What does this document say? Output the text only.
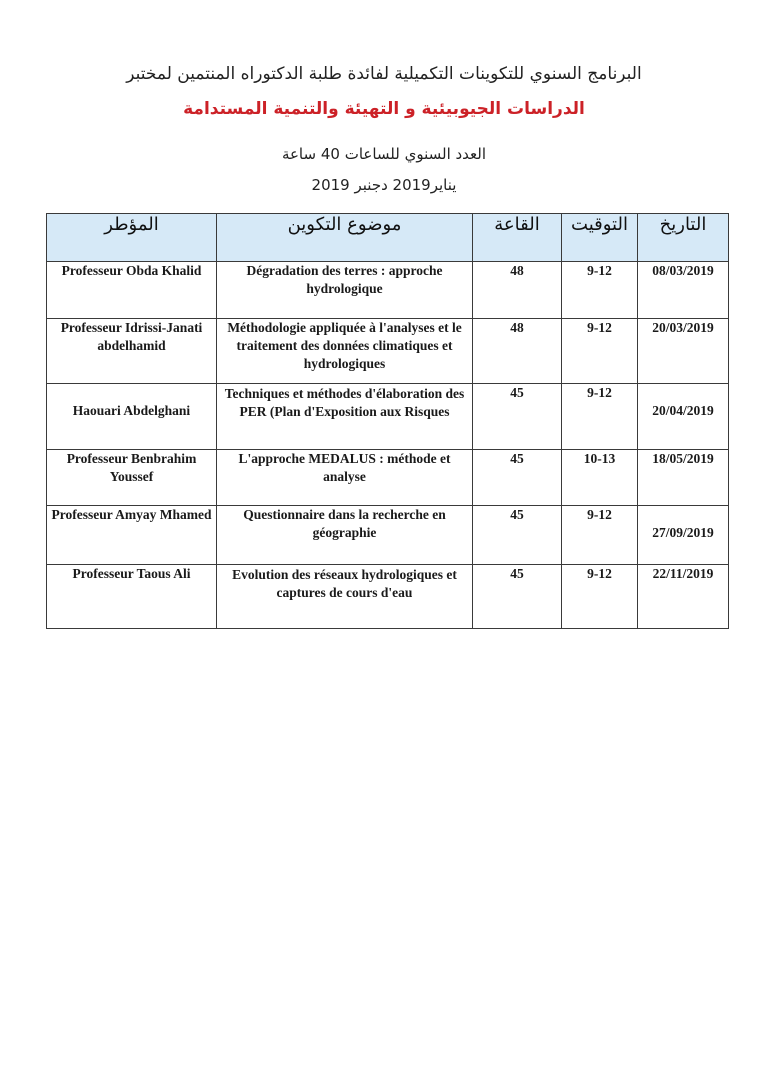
البرنامج السنوي للتكوينات التكميلية لفائدة طلبة الدكتوراه المنتمين لمختبر
الدراسات الجيوبيئية و التهيئة والتنمية المستدامة
العدد السنوي للساعات 40 ساعة
يناير2019 دجنبر 2019
المؤطر	موضوع التكوين	القاعة	التوقيت	التاريخ
Professeur Obda Khalid	Dégradation des terres : approche hydrologique	48	9-12	08/03/2019
Professeur Idrissi-Janati abdelhamid	Méthodologie appliquée à l'analyses et le traitement des données climatiques et hydrologiques	48	9-12	20/03/2019
Haouari Abdelghani	Techniques et méthodes d'élaboration des PER (Plan d'Exposition aux Risques	45	9-12	20/04/2019
Professeur Benbrahim Youssef	L'approche MEDALUS : méthode et analyse	45	10-13	18/05/2019
Professeur Amyay Mhamed	Questionnaire dans la recherche en géographie	45	9-12	27/09/2019
Professeur Taous Ali	Evolution des réseaux hydrologiques et captures de cours d'eau	45	9-12	22/11/2019
